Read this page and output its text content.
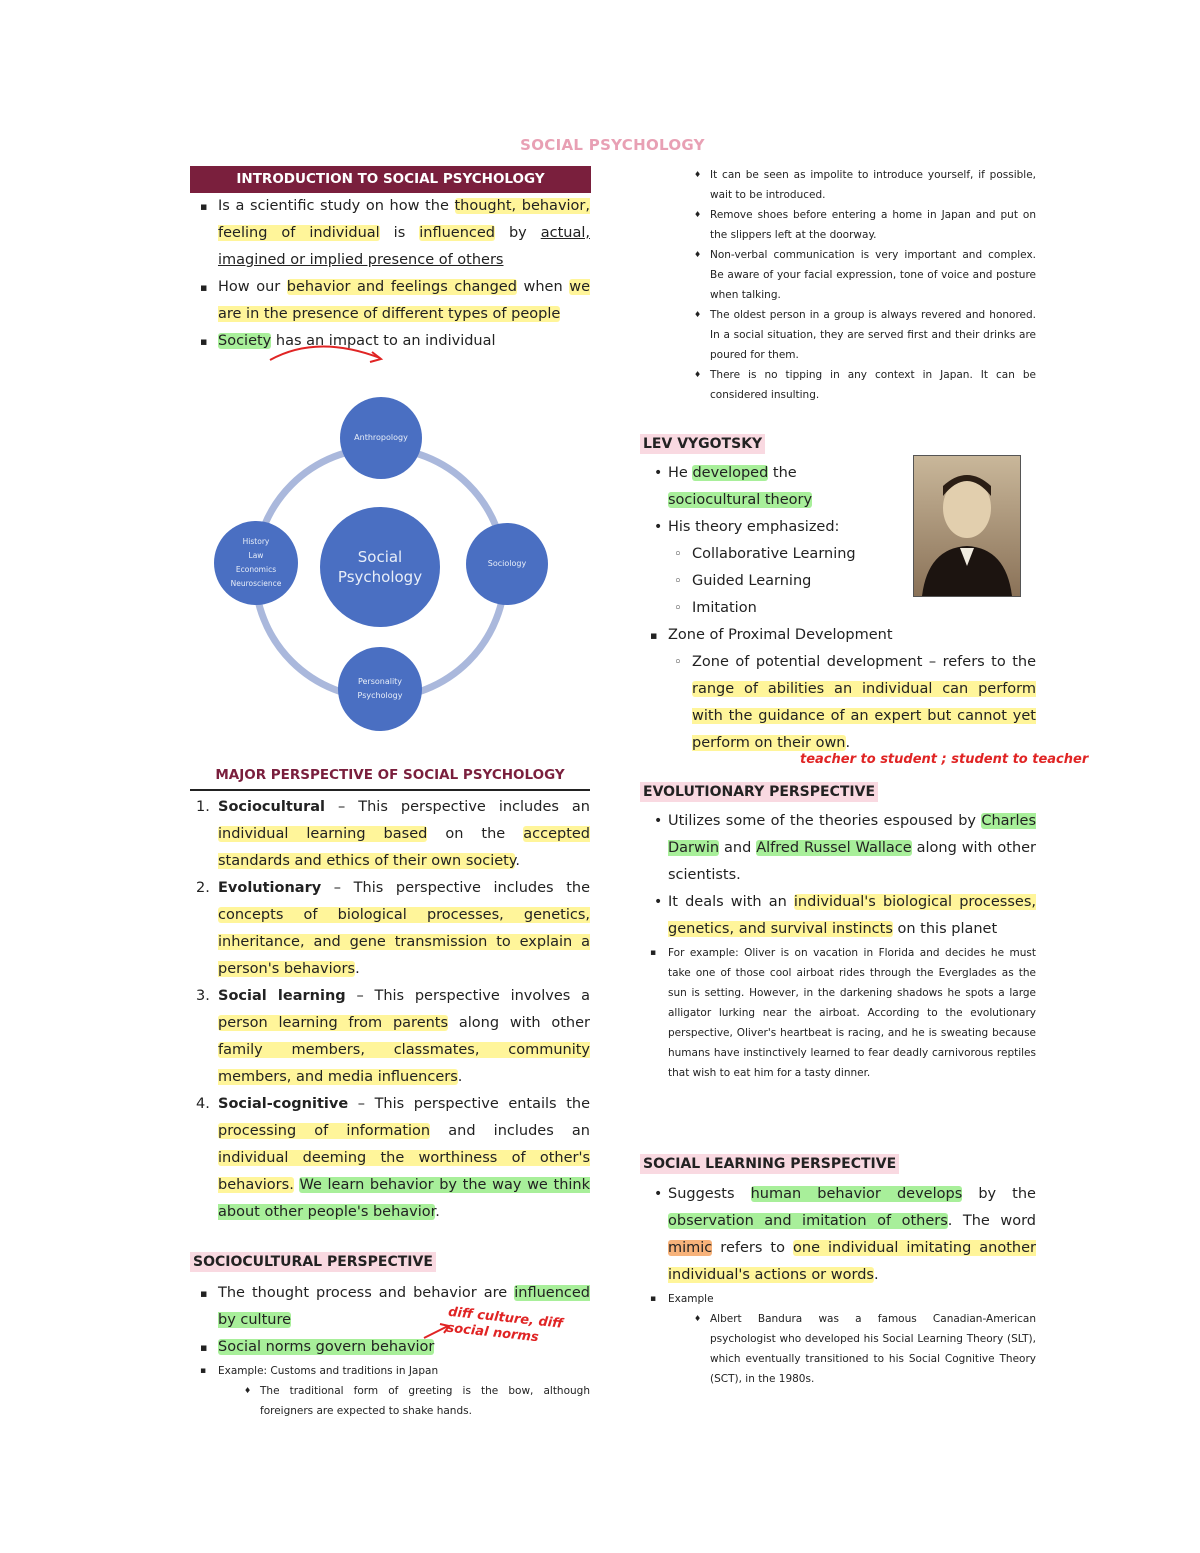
SOCIAL PSYCHOLOGY
INTRODUCTION TO SOCIAL PSYCHOLOGY
▪ Is a scientific study on how the thought, behavior, feeling of individual is influenced by actual, imagined or implied presence of others
▪ How our behavior and feelings changed when we are in the presence of different types of people
▪ Society has an impact to an individual
Social Psychology
Anthropology
Sociology
Personality Psychology
History
Law
Economics
Neuroscience
MAJOR PERSPECTIVE OF SOCIAL PSYCHOLOGY
1. Sociocultural – This perspective includes an individual learning based on the accepted standards and ethics of their own society.
2. Evolutionary – This perspective includes the concepts of biological processes, genetics, inheritance, and gene transmission to explain a person's behaviors.
3. Social learning – This perspective involves a person learning from parents along with other family members, classmates, community members, and media influencers.
4. Social-cognitive – This perspective entails the processing of information and includes an individual deeming the worthiness of other's behaviors. We learn behavior by the way we think about other people's behavior.
SOCIOCULTURAL PERSPECTIVE
▪ The thought process and behavior are influenced by culture
▪ Social norms govern behavior
▪ Example: Customs and traditions in Japan
♦ The traditional form of greeting is the bow, although foreigners are expected to shake hands.
diff culture, diff social norms
♦ It can be seen as impolite to introduce yourself, if possible, wait to be introduced.
♦ Remove shoes before entering a home in Japan and put on the slippers left at the doorway.
♦ Non-verbal communication is very important and complex. Be aware of your facial expression, tone of voice and posture when talking.
♦ The oldest person in a group is always revered and honored. In a social situation, they are served first and their drinks are poured for them.
♦ There is no tipping in any context in Japan. It can be considered insulting.
LEV VYGOTSKY
• He developed the
sociocultural theory
• His theory emphasized:
◦ Collaborative Learning
◦ Guided Learning
◦ Imitation
▪ Zone of Proximal Development
◦ Zone of potential development – refers to the range of abilities an individual can perform with the guidance of an expert but cannot yet perform on their own.
teacher to student ; student to teacher
EVOLUTIONARY PERSPECTIVE
• Utilizes some of the theories espoused by Charles Darwin and Alfred Russel Wallace along with other scientists.
• It deals with an individual's biological processes, genetics, and survival instincts on this planet
▪ For example: Oliver is on vacation in Florida and decides he must take one of those cool airboat rides through the Everglades as the sun is setting. However, in the darkening shadows he spots a large alligator lurking near the airboat. According to the evolutionary perspective, Oliver's heartbeat is racing, and he is sweating because humans have instinctively learned to fear deadly carnivorous reptiles that wish to eat him for a tasty dinner.
SOCIAL LEARNING PERSPECTIVE
• Suggests human behavior develops by the observation and imitation of others. The word mimic refers to one individual imitating another individual's actions or words.
▪ Example
♦ Albert Bandura was a famous Canadian-American psychologist who developed his Social Learning Theory (SLT), which eventually transitioned to his Social Cognitive Theory (SCT), in the 1980s.
